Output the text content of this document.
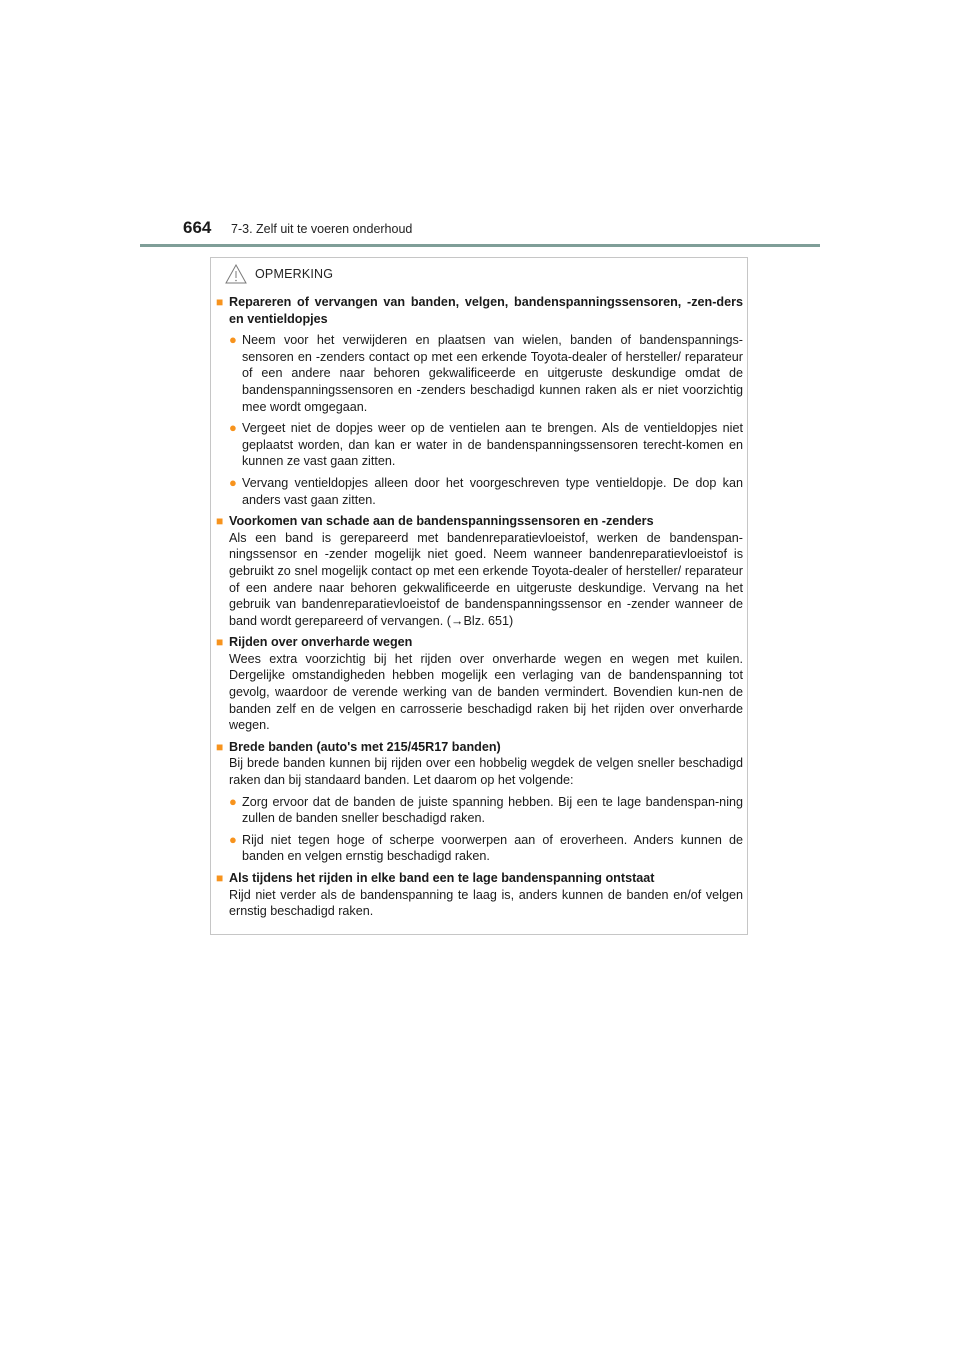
664 7-3. Zelf uit te voeren onderhoud
OPMERKING
■ Repareren of vervangen van banden, velgen, bandenspanningssensoren, -zen-ders en ventieldopjes
● Neem voor het verwijderen en plaatsen van wielen, banden of bandenspannings-sensoren en -zenders contact op met een erkende Toyota-dealer of hersteller/ reparateur of een andere naar behoren gekwalificeerde en uitgeruste deskundige omdat de bandenspanningssensoren en -zenders beschadigd kunnen raken als er niet voorzichtig mee wordt omgegaan.
● Vergeet niet de dopjes weer op de ventielen aan te brengen. Als de ventieldopjes niet geplaatst worden, dan kan er water in de bandenspanningssensoren terecht-komen en kunnen ze vast gaan zitten.
● Vervang ventieldopjes alleen door het voorgeschreven type ventieldopje. De dop kan anders vast gaan zitten.
■ Voorkomen van schade aan de bandenspanningssensoren en -zenders
Als een band is gerepareerd met bandenreparatievloeistof, werken de bandenspan-ningssensor en -zender mogelijk niet goed. Neem wanneer bandenreparatievloeistof is gebruikt zo snel mogelijk contact op met een erkende Toyota-dealer of hersteller/ reparateur of een andere naar behoren gekwalificeerde en uitgeruste deskundige. Vervang na het gebruik van bandenreparatievloeistof de bandenspanningssensor en -zender wanneer de band wordt gerepareerd of vervangen. (→Blz. 651)
■ Rijden over onverharde wegen
Wees extra voorzichtig bij het rijden over onverharde wegen en wegen met kuilen. Dergelijke omstandigheden hebben mogelijk een verlaging van de bandenspanning tot gevolg, waardoor de verende werking van de banden vermindert. Bovendien kun-nen de banden zelf en de velgen en carrosserie beschadigd raken bij het rijden over onverharde wegen.
■ Brede banden (auto's met 215/45R17 banden)
Bij brede banden kunnen bij rijden over een hobbelig wegdek de velgen sneller beschadigd raken dan bij standaard banden. Let daarom op het volgende:
● Zorg ervoor dat de banden de juiste spanning hebben. Bij een te lage bandenspan-ning zullen de banden sneller beschadigd raken.
● Rijd niet tegen hoge of scherpe voorwerpen aan of eroverheen. Anders kunnen de banden en velgen ernstig beschadigd raken.
■ Als tijdens het rijden in elke band een te lage bandenspanning ontstaat
Rijd niet verder als de bandenspanning te laag is, anders kunnen de banden en/of velgen ernstig beschadigd raken.
